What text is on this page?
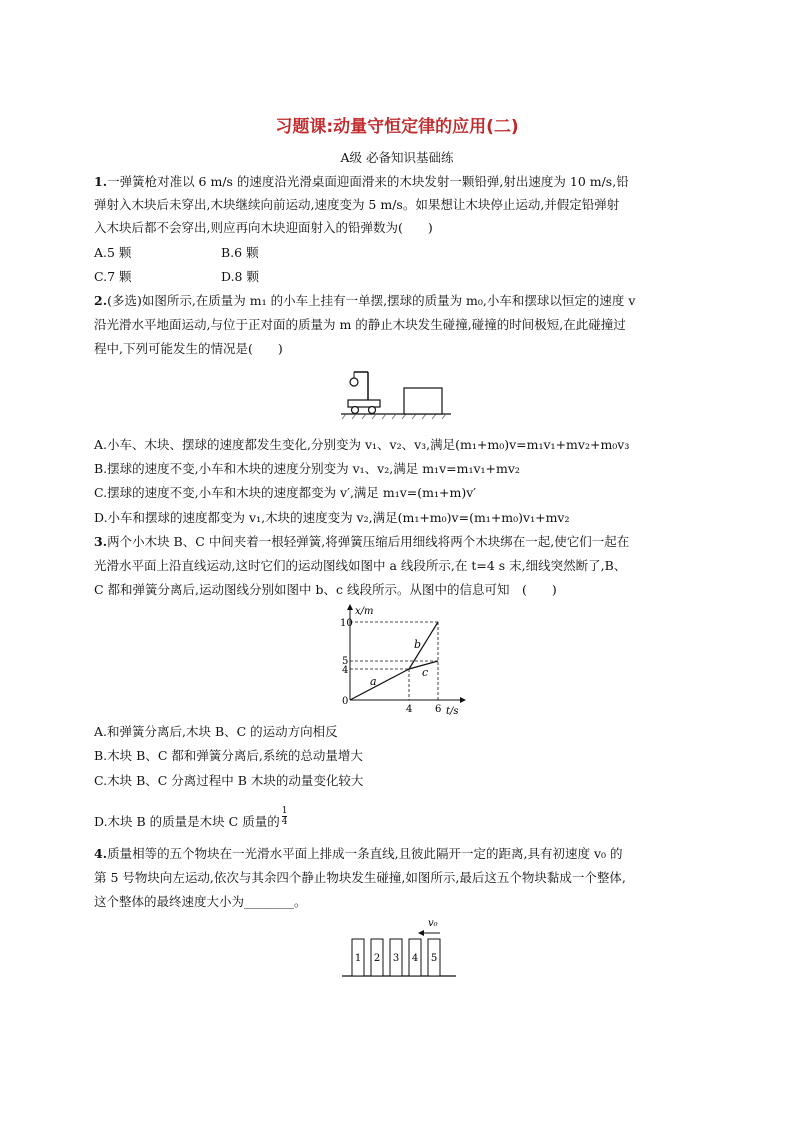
习题课:动量守恒定律的应用(二)
A级 必备知识基础练
1.一弹簧枪对准以 6 m/s 的速度沿光滑桌面迎面滑来的木块发射一颗铅弹,射出速度为 10 m/s,铅
弹射入木块后未穿出,木块继续向前运动,速度变为 5 m/s。如果想让木块停止运动,并假定铅弹射
入木块后都不会穿出,则应再向木块迎面射入的铅弹数为(　　)
A.5 颗	B.6 颗
C.7 颗	D.8 颗
2.(多选)如图所示,在质量为 m₁ 的小车上挂有一单摆,摆球的质量为 m₀,小车和摆球以恒定的速度 v
沿光滑水平地面运动,与位于正对面的质量为 m 的静止木块发生碰撞,碰撞的时间极短,在此碰撞过
程中,下列可能发生的情况是(　　)
A.小车、木块、摆球的速度都发生变化,分别变为 v₁、v₂、v₃,满足(m₁+m₀)v=m₁v₁+mv₂+m₀v₃
B.摆球的速度不变,小车和木块的速度分别变为 v₁、v₂,满足 m₁v=m₁v₁+mv₂
C.摆球的速度不变,小车和木块的速度都变为 v′,满足 m₁v=(m₁+m)v′
D.小车和摆球的速度都变为 v₁,木块的速度变为 v₂,满足(m₁+m₀)v=(m₁+m₀)v₁+mv₂
3.两个小木块 B、C 中间夹着一根轻弹簧,将弹簧压缩后用细线将两个木块绑在一起,使它们一起在
光滑水平面上沿直线运动,这时它们的运动图线如图中 a 线段所示,在 t=4 s 末,细线突然断了,B、
C 都和弹簧分离后,运动图线分别如图中 b、c 线段所示。从图中的信息可知　(　　)
x/m
t/s
10
5
4
0
4 6
a
b
c
A.和弹簧分离后,木块 B、C 的运动方向相反
B.木块 B、C 都和弹簧分离后,系统的总动量增大
C.木块 B、C 分离过程中 B 木块的动量变化较大
D.木块 B 的质量是木块 C 质量的 $\frac{1}{4}$
4.质量相等的五个物块在一光滑水平面上排成一条直线,且彼此隔开一定的距离,具有初速度 v₀ 的
第 5 号物块向左运动,依次与其余四个静止物块发生碰撞,如图所示,最后这五个物块黏成一个整体,
这个整体的最终速度大小为________。
v₀
1 2 3 4 5
